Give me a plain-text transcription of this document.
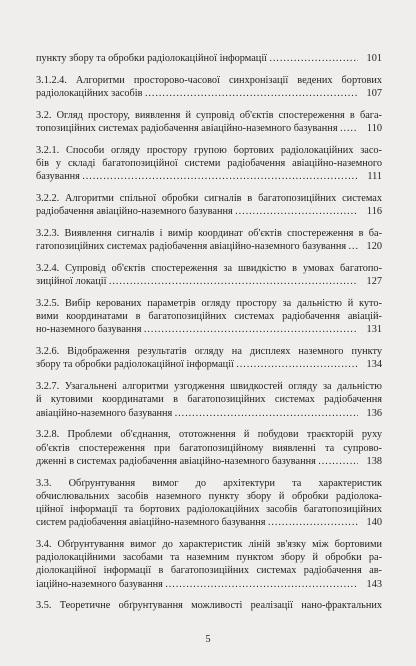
пункту збору та обробки радіолокаційної інформації …………………………………………………………………………………………………………………………………………	101
3.1.2.4. Алгоритми просторово-часової синхронізації ведених бортових
радіолокаційних засобів …………………………………………………………………………………………………………………………………………	107
3.2. Огляд простору, виявлення й супровід об'єктів спостереження в бага-
топозиційних системах радіобачення авіаційно-наземного базування …………………………………………………………………………………………………………………………………………	110
3.2.1. Способи огляду простору групою бортових радіолокаційних засо-
бів у складі багатопозиційної системи радіобачення авіаційно-наземного
базування …………………………………………………………………………………………………………………………………………	111
3.2.2. Алгоритми спільної обробки сигналів в багатопозиційних системах
радіобачення авіаційно-наземного базування …………………………………………………………………………………………………………………………………………	116
3.2.3. Виявлення сигналів і вимір координат об'єктів спостереження в ба-
гатопозиційних системах радіобачення авіаційно-наземного базування …………………………………………………………………………………………………………………………………………	120
3.2.4. Супровід об'єктів спостереження за швидкістю в умовах багатопо-
зиційної локації …………………………………………………………………………………………………………………………………………	127
3.2.5. Вибір керованих параметрів огляду простору за дальністю й куто-
вими координатами в багатопозиційних системах радіобачення авіацій-
но-наземного базування …………………………………………………………………………………………………………………………………………	131
3.2.6. Відображення результатів огляду на дисплеях наземного пункту
збору та обробки радіолокаційної інформації …………………………………………………………………………………………………………………………………………	134
3.2.7. Узагальнені алгоритми узгодження швидкостей огляду за дальністю
й кутовими координатами в багатопозиційних системах радіобачення
авіаційно-наземного базування …………………………………………………………………………………………………………………………………………	136
3.2.8. Проблеми об'єднання, ототожнення й побудови траєкторій руху
об'єктів спостереження при багатопозиційному виявленні та супрово-
дженні в системах радіобачення авіаційно-наземного базування …………………………………………………………………………………………………………………………………………	138
3.3. Обґрунтування вимог до архітектури та характеристик
обчислювальних засобів наземного пункту збору й обробки радіолока-
ційної інформації та бортових радіолокаційних засобів багатопозиційних
систем радіобачення авіаційно-наземного базування …………………………………………………………………………………………………………………………………………	140
3.4. Обґрунтування вимог до характеристик ліній зв'язку між бортовими
радіолокаційними засобами та наземним пунктом збору й обробки ра-
діолокаційної інформації в багатопозиційних системах радіобачення ав-
іаційно-наземного базування …………………………………………………………………………………………………………………………………………	143
3.5. Теоретичне обґрунтування можливості реалізації нано-фрактальних
5
